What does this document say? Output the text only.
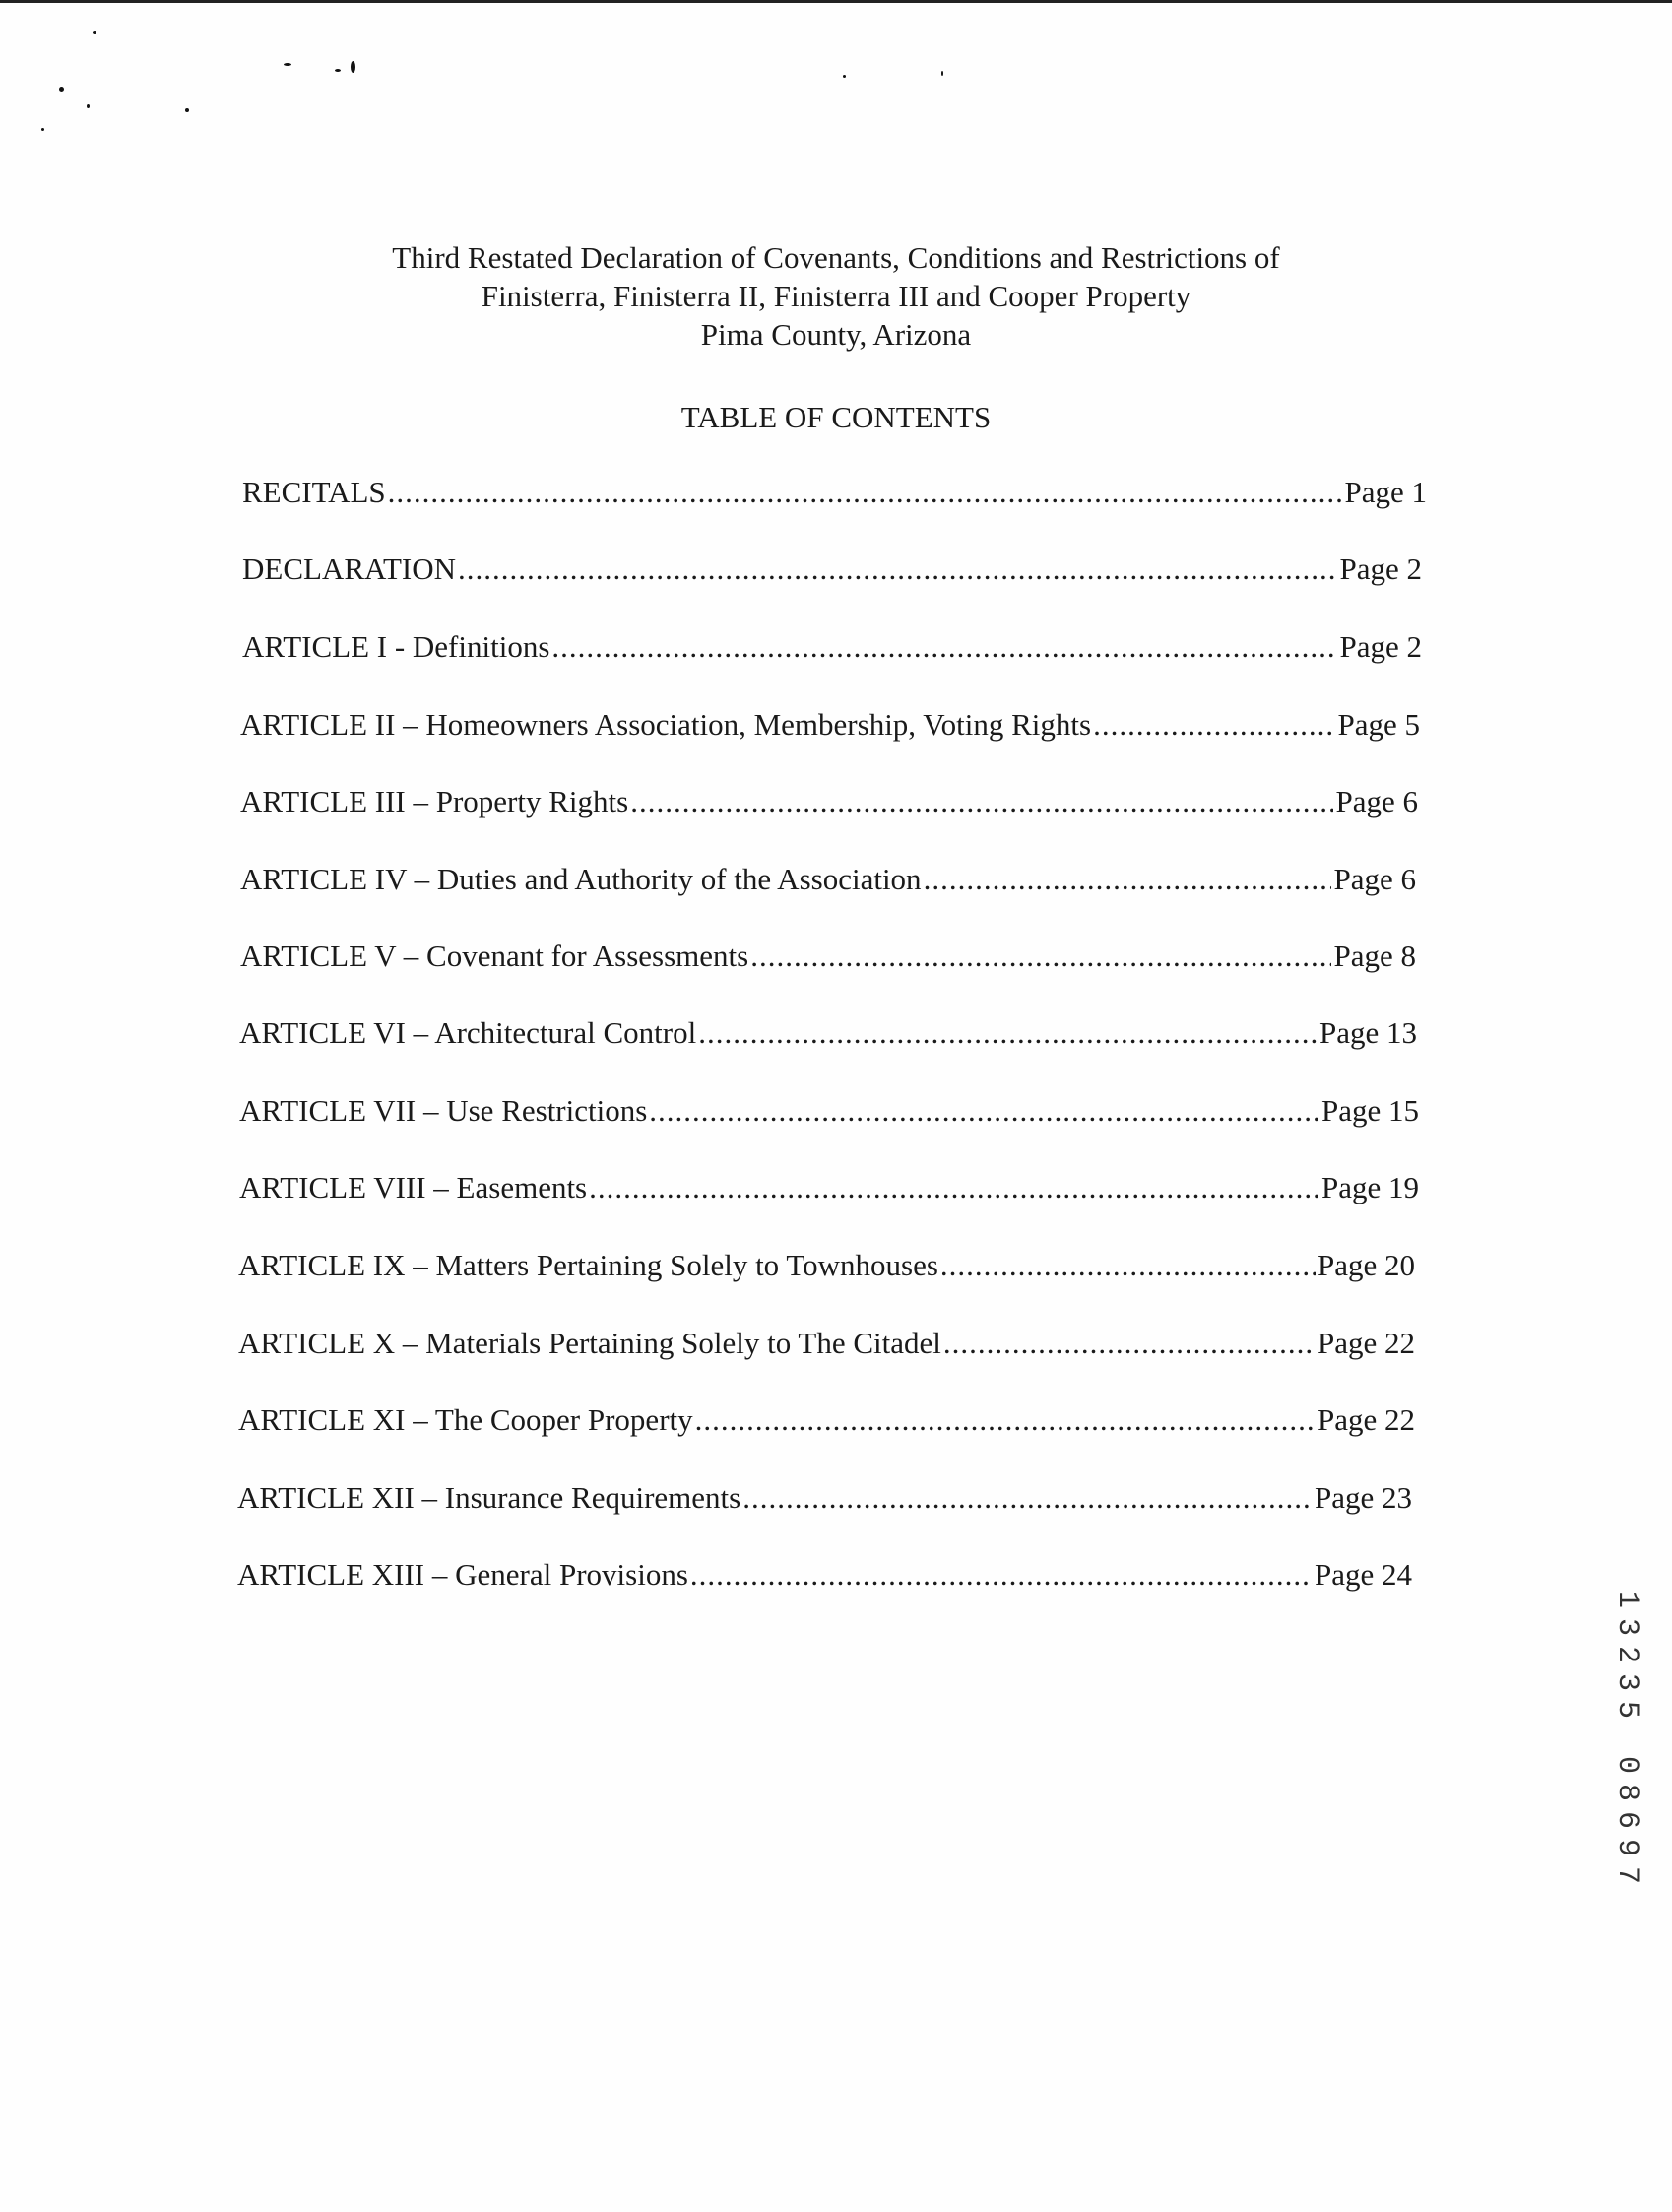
Third Restated Declaration of Covenants, Conditions and Restrictions of
Finisterra, Finisterra II, Finisterra III and Cooper Property
Pima County, Arizona
TABLE OF CONTENTS
RECITALS .....	Page 1
DECLARATION .....	Page 2
ARTICLE I - Definitions .....	Page 2
ARTICLE II – Homeowners Association, Membership, Voting Rights .....	Page 5
ARTICLE III – Property Rights .....	Page 6
ARTICLE IV – Duties and Authority of the Association .....	Page 6
ARTICLE V – Covenant for Assessments .....	Page 8
ARTICLE VI – Architectural Control .....	Page 13
ARTICLE VII – Use Restrictions .....	Page 15
ARTICLE VIII – Easements .....	Page 19
ARTICLE IX – Matters Pertaining Solely to Townhouses .....	Page 20
ARTICLE X – Materials Pertaining Solely to The Citadel .....	Page 22
ARTICLE XI – The Cooper Property .....	Page 22
ARTICLE XII – Insurance Requirements .....	Page 23
ARTICLE XIII – General Provisions .....	Page 24
1
3
2
3
5

0
8
6
9
7
